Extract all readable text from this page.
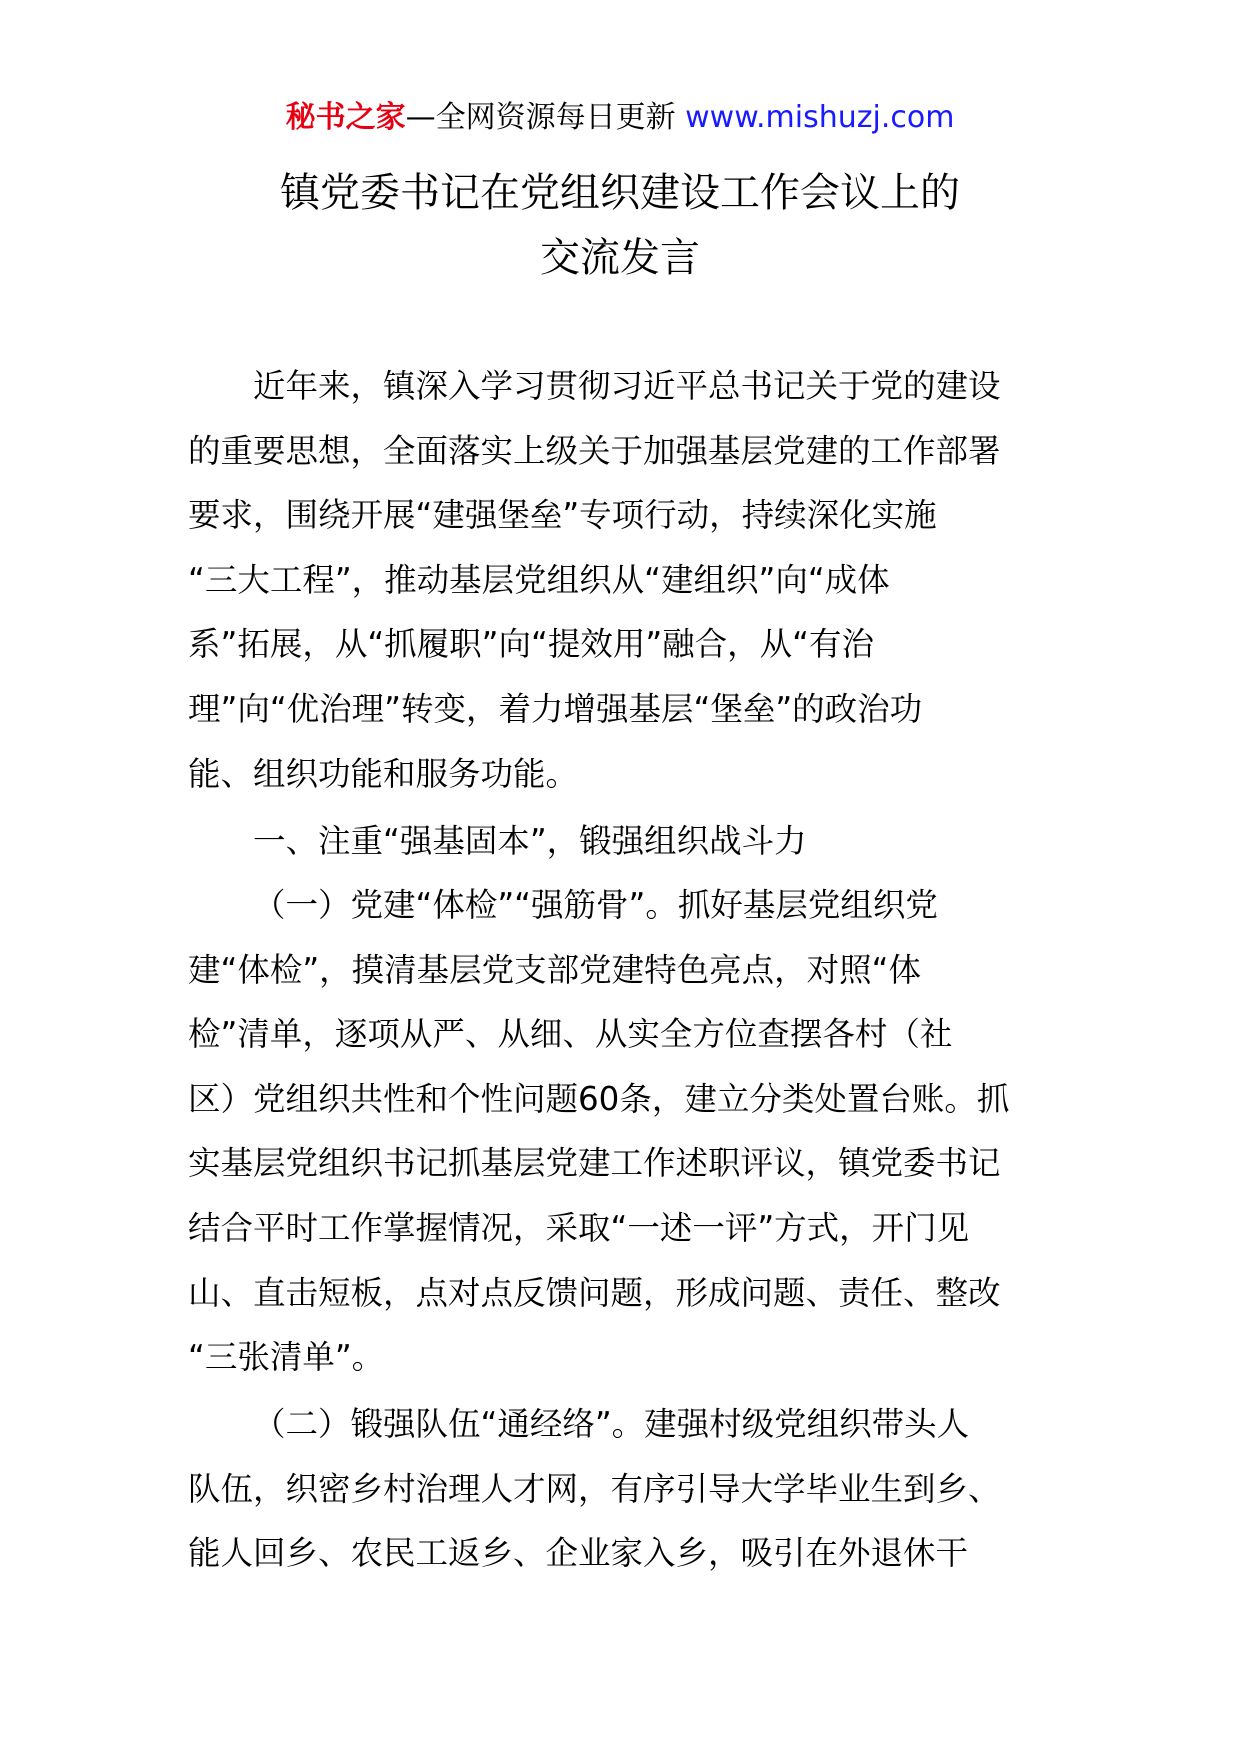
秘书之家—全网资源每日更新 www.mishuzj.com
镇党委书记在党组织建设工作会议上的
交流发言
近年来，镇深入学习贯彻习近平总书记关于党的建设
的重要思想，全面落实上级关于加强基层党建的工作部署
要求，围绕开展“建强堡垒”专项行动，持续深化实施
“三大工程”，推动基层党组织从“建组织”向“成体
系”拓展，从“抓履职”向“提效用”融合，从“有治
理”向“优治理”转变，着力增强基层“堡垒”的政治功
能、组织功能和服务功能。
一、注重“强基固本”，锻强组织战斗力
（一）党建“体检”“强筋骨”。抓好基层党组织党
建“体检”，摸清基层党支部党建特色亮点，对照“体
检”清单，逐项从严、从细、从实全方位查摆各村（社
区）党组织共性和个性问题60条，建立分类处置台账。抓
实基层党组织书记抓基层党建工作述职评议，镇党委书记
结合平时工作掌握情况，采取“一述一评”方式，开门见
山、直击短板，点对点反馈问题，形成问题、责任、整改
“三张清单”。
（二）锻强队伍“通经络”。建强村级党组织带头人
队伍，织密乡村治理人才网，有序引导大学毕业生到乡、
能人回乡、农民工返乡、企业家入乡，吸引在外退休干
